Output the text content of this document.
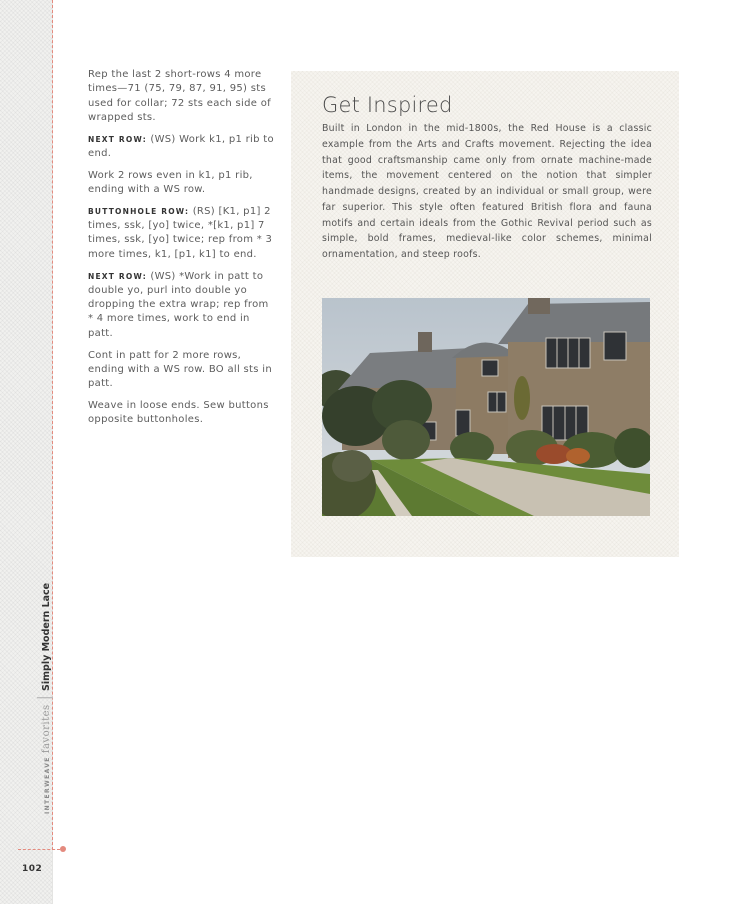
INTERWEAVEfavorites|Simply Modern Lace
102

Rep the last 2 short-rows 4 more times—71 (75, 79, 87, 91, 95) sts used for collar; 72 sts each side of wrapped sts.

NEXT ROW: (WS) Work k1, p1 rib to end.

Work 2 rows even in k1, p1 rib, ending with a WS row.

BUTTONHOLE ROW: (RS) [K1, p1] 2 times, ssk, [yo] twice, *[k1, p1] 7 times, ssk, [yo] twice; rep from * 3 more times, k1, [p1, k1] to end.

NEXT ROW: (WS) *Work in patt to double yo, purl into double yo dropping the extra wrap; rep from * 4 more times, work to end in patt.

Cont in patt for 2 more rows, ending with a WS row. BO all sts in patt.

Weave in loose ends. Sew buttons opposite buttonholes.

Get Inspired

Built in London in the mid-1800s, the Red House is a classic example from the Arts and Crafts movement. Rejecting the idea that good craftsmanship came only from ornate machine-made items, the movement centered on the notion that simpler handmade designs, created by an individual or small group, were far superior. This style often featured British flora and fauna motifs and certain ideals from the Gothic Revival period such as simple, bold frames, medieval-like color schemes, minimal ornamentation, and steep roofs.
